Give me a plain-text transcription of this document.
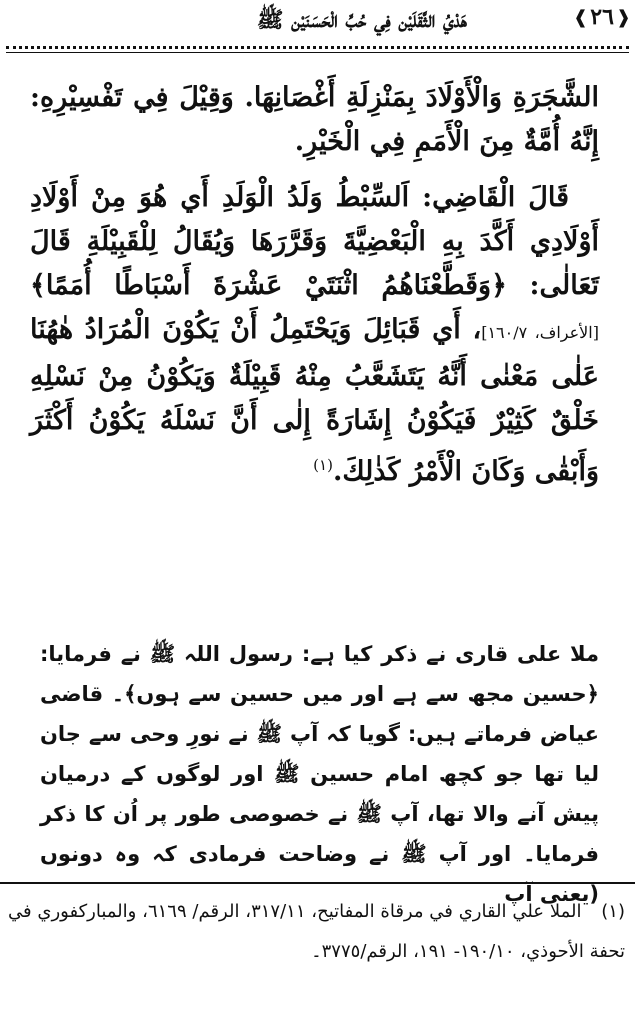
❰
٢٦
❱
هَدْيُ الثَّقَلَيْن فِي حُبِّ الْحَسَنَيْن ﷺ

الشَّجَرَةِ وَالْأَوْلَادَ بِمَنْزِلَةِ أَغْصَانِهَا. وَقِيْلَ فِي تَفْسِيْرِهِ: إِنَّهُ أُمَّةٌ مِنَ الْأَمَمِ فِي الْخَيْرِ.

قَالَ الْقَاضِي: اَلسِّبْطُ وَلَدُ الْوَلَدِ أَي هُوَ مِنْ أَوْلَادِ أَوْلَادِي أَكَّدَ بِهِ الْبَعْضِيَّةَ وَقَرَّرَهَا وَيُقَالُ لِلْقَبِيْلَةِ قَالَ تَعَالٰى: ﴿وَقَطَّعْنَاهُمُ اثْنَتَيْ عَشْرَةَ أَسْبَاطًا أُمَمًا﴾ [الأعراف، ١٦٠/٧]، أَي قَبَائِلَ وَيَحْتَمِلُ أَنْ يَكُوْنَ الْمُرَادُ هٰهُنَا عَلٰى مَعْنٰى أَنَّهُ يَتَشَعَّبُ مِنْهُ قَبِيْلَةٌ وَيَكُوْنُ مِنْ نَسْلِهِ خَلْقٌ كَثِيْرٌ فَيَكُوْنُ إِشَارَةً إِلٰى أَنَّ نَسْلَهُ يَكُوْنُ أَكْثَرَ وَأَبْقٰى وَكَانَ الْأَمْرُ كَذٰلِكَ.$^{(١)}$

ملا علی قاری نے ذکر کیا ہے: رسول اللہ ﷺ نے فرمایا: ﴿حسین مجھ سے ہے اور میں حسین سے ہوں﴾۔ قاضی عیاض فرماتے ہیں: گویا کہ آپ ﷺ نے نورِ وحی سے جان لیا تھا جو کچھ امام حسین ﷺ اور لوگوں کے درمیان پیش آنے والا تھا، آپ ﷺ نے خصوصی طور پر اُن کا ذکر فرمایا۔ اور آپ ﷺ نے وضاحت فرمادی کہ وہ دونوں (یعنی آپ

(١) الملا علي القاري في مرقاة المفاتيح، ٣١٧/١١، الرقم/ ٦١٦٩، والمباركفوري في تحفة الأحوذي، ١٩٠/١٠- ١٩١، الرقم/٣٧٧٥۔
